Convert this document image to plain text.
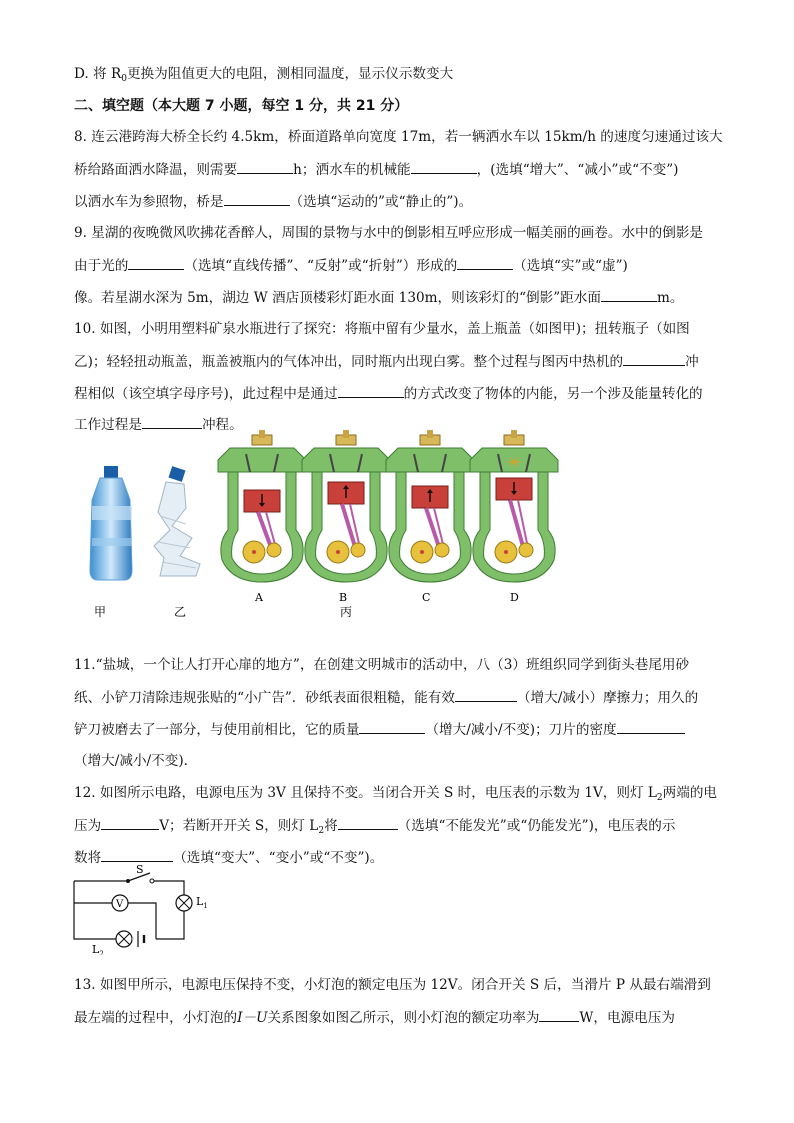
D. 将 $R_0$更换为阻值更大的电阻，测相同温度，显示仪示数变大
二、填空题（本大题 7 小题，每空 1 分，共 21 分）
8. 连云港跨海大桥全长约 4.5km，桥面道路单向宽度 17m，若一辆洒水车以 15km/h 的速度匀速通过该大
桥给路面洒水降温，则需要	h；洒水车的机械能	，(选填“增大”、“减小”或“不变”)
以洒水车为参照物，桥是	（选填“运动的”或“静止的”)。
9. 星湖的夜晚微风吹拂花香醉人，周围的景物与水中的倒影相互呼应形成一幅美丽的画卷。水中的倒影是
由于光的	（选填“直线传播”、“反射”或“折射”）形成的	（选填“实”或“虚”)
像。若星湖水深为 5m，湖边 W 酒店顶楼彩灯距水面 130m，则该彩灯的“倒影”距水面	m。
10. 如图，小明用塑料矿泉水瓶进行了探究：将瓶中留有少量水，盖上瓶盖（如图甲)；扭转瓶子（如图
乙)；轻轻扭动瓶盖，瓶盖被瓶内的气体冲出，同时瓶内出现白雾。整个过程与图丙中热机的	冲
程相似（该空填字母序号)，此过程中是通过	的方式改变了物体的内能，另一个涉及能量转化的
工作过程是	冲程。
甲	乙	丙
A	B	C	D
11.“盐城，一个让人打开心扉的地方”，在创建文明城市的活动中，八（3）班组织同学到街头巷尾用砂
纸、小铲刀清除违规张贴的“小广告”．砂纸表面很粗糙，能有效	（增大/减小）摩擦力；用久的
铲刀被磨去了一部分，与使用前相比，它的质量	（增大/减小/不变)；刀片的密度
（增大/减小/不变)．
12. 如图所示电路，电源电压为 3V 且保持不变。当闭合开关 S 时，电压表的示数为 1V，则灯 $L_2$两端的电
压为	V；若断开开关 S，则灯 $L_2$将	（选填“不能发光”或“仍能发光”)，电压表的示
数将	（选填“变大”、“变小”或“不变”)。
V
S
$L_1$
$L_2$
13. 如图甲所示，电源电压保持不变，小灯泡的额定电压为 12V。闭合开关 S 后，当滑片 P 从最右端滑到
最左端的过程中，小灯泡的I－U关系图象如图乙所示，则小灯泡的额定功率为	W，电源电压为
